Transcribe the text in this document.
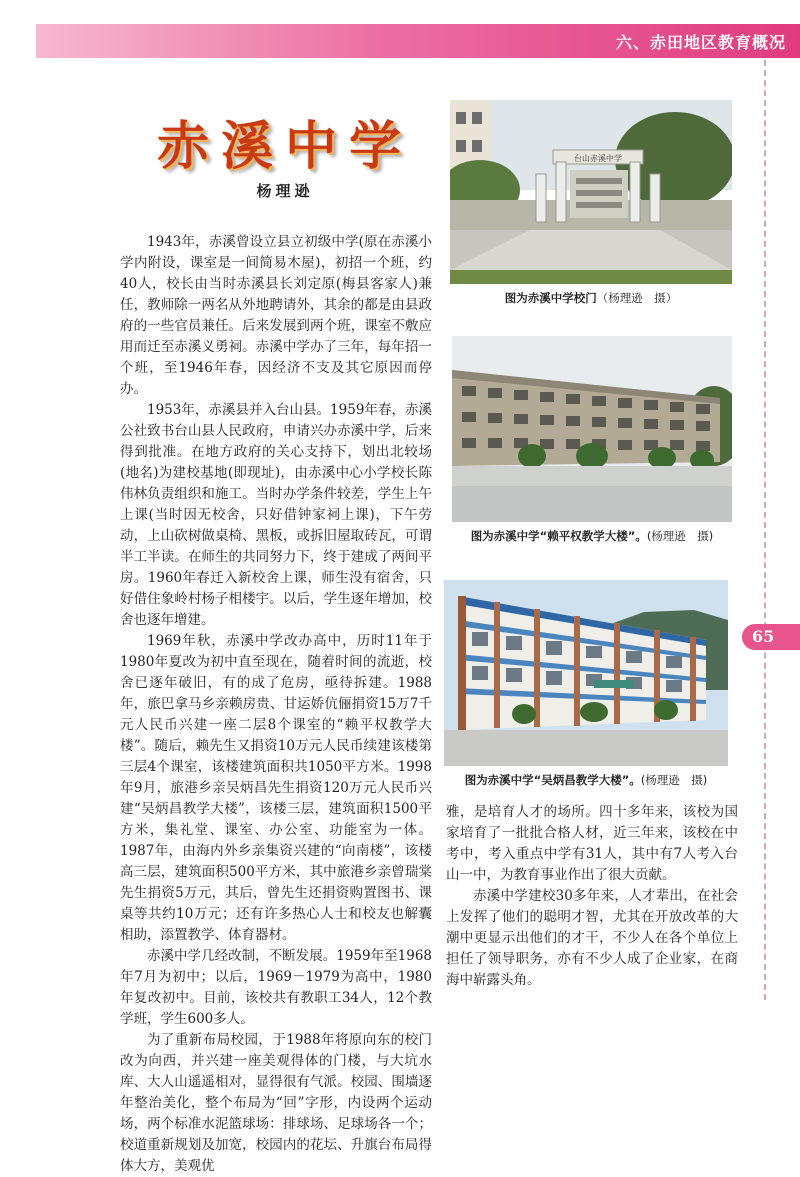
六、赤田地区教育概况
65
赤溪中学
杨理逊

1943年，赤溪曾设立县立初级中学(原在赤溪小学内附设，课室是一间简易木屋)，初招一个班，约40人，校长由当时赤溪县长刘定原(梅县客家人)兼任，教师除一两名从外地聘请外，其余的都是由县政府的一些官员兼任。后来发展到两个班，课室不敷应用而迁至赤溪义勇祠。赤溪中学办了三年，每年招一个班，至1946年春，因经济不支及其它原因而停办。

1953年，赤溪县并入台山县。1959年春，赤溪公社致书台山县人民政府，申请兴办赤溪中学，后来得到批准。在地方政府的关心支持下，划出北较场(地名)为建校基地(即现址)，由赤溪中心小学校长陈伟林负责组织和施工。当时办学条件较差，学生上午上课(当时因无校舍，只好借钟家祠上课)，下午劳动，上山砍树做桌椅、黑板，或拆旧屋取砖瓦，可谓半工半读。在师生的共同努力下，终于建成了两间平房。1960年春迁入新校舍上课，师生没有宿舍，只好借住象岭村杨子相楼宇。以后，学生逐年增加，校舍也逐年增建。

1969年秋，赤溪中学改办高中，历时11年于1980年夏改为初中直至现在，随着时间的流逝，校舍已逐年破旧，有的成了危房，亟待拆建。1988年，旅巴拿马乡亲赖房贵、甘运娇伉俪捐资15万7千元人民币兴建一座二层8个课室的“赖平权教学大楼”。随后，赖先生又捐资10万元人民币续建该楼第三层4个课室，该楼建筑面积共1050平方米。1998年9月，旅港乡亲吴炳昌先生捐资120万元人民币兴建“吴炳昌教学大楼”，该楼三层，建筑面积1500平方米，集礼堂、课室、办公室、功能室为一体。1987年，由海内外乡亲集资兴建的“向南楼”，该楼高三层，建筑面积500平方米，其中旅港乡亲曾瑞棠先生捐资5万元，其后，曾先生还捐资购置图书、课桌等共约10万元；还有许多热心人士和校友也解囊相助，添置教学、体育器材。

赤溪中学几经改制，不断发展。1959年至1968年7月为初中；以后，1969－1979为高中，1980年复改初中。目前，该校共有教职工34人，12个教学班，学生600多人。

为了重新布局校园，于1988年将原向东的校门改为向西，并兴建一座美观得体的门楼，与大坑水库、大人山遥遥相对，显得很有气派。校园、围墙逐年整治美化，整个布局为“回”字形，内设两个运动场，两个标准水泥篮球场：排球场、足球场各一个；校道重新规划及加宽，校园内的花坛、升旗台布局得体大方，美观优

雅，是培育人才的场所。四十多年来，该校为国家培育了一批批合格人材，近三年来，该校在中考中，考入重点中学有31人，其中有7人考入台山一中，为教育事业作出了很大贡献。

赤溪中学建校30多年来，人才辈出，在社会上发挥了他们的聪明才智，尤其在开放改革的大潮中更显示出他们的才干，不少人在各个单位上担任了领导职务，亦有不少人成了企业家，在商海中崭露头角。

台山赤溪中学
图为赤溪中学校门（杨理逊　摄）
图为赤溪中学“赖平权教学大楼”。(杨理逊　摄)
图为赤溪中学“吴炳昌教学大楼”。(杨理逊　摄)
